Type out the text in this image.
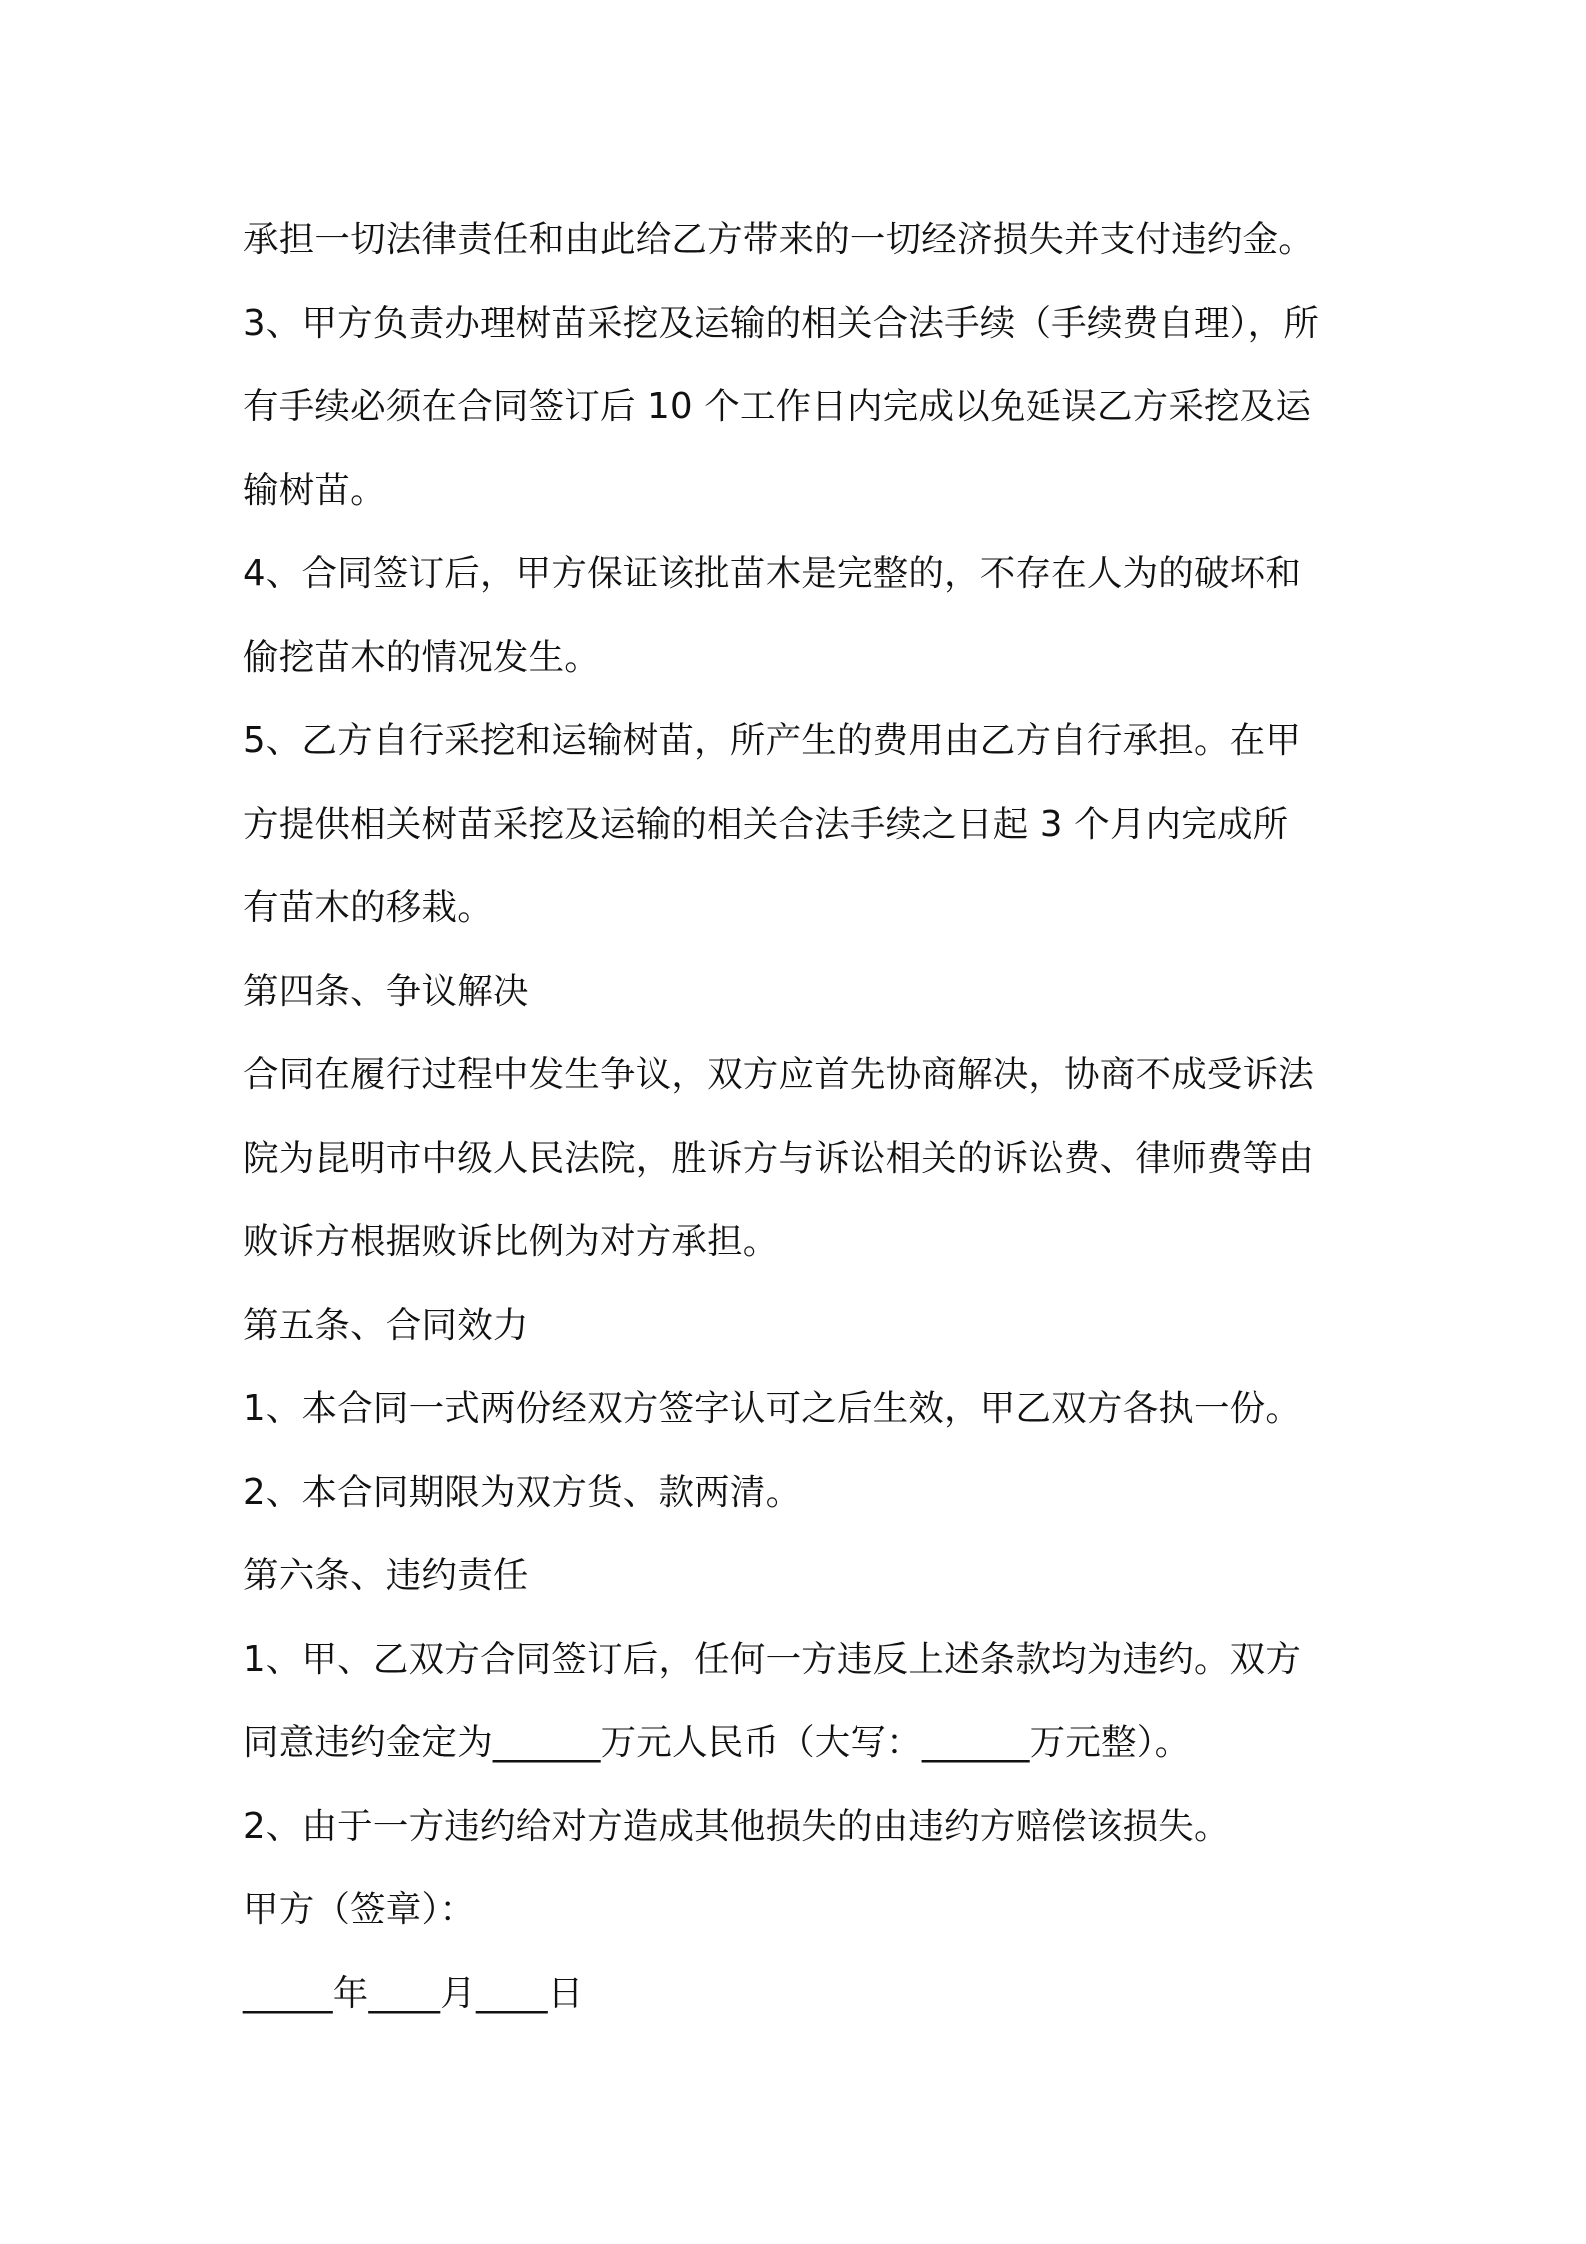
承担一切法律责任和由此给乙方带来的一切经济损失并支付违约金。
3、甲方负责办理树苗采挖及运输的相关合法手续（手续费自理），所
有手续必须在合同签订后 10 个工作日内完成以免延误乙方采挖及运
输树苗。
4、合同签订后，甲方保证该批苗木是完整的，不存在人为的破坏和
偷挖苗木的情况发生。
5、乙方自行采挖和运输树苗，所产生的费用由乙方自行承担。在甲
方提供相关树苗采挖及运输的相关合法手续之日起 3 个月内完成所
有苗木的移栽。
第四条、争议解决
合同在履行过程中发生争议，双方应首先协商解决，协商不成受诉法
院为昆明市中级人民法院，胜诉方与诉讼相关的诉讼费、律师费等由
败诉方根据败诉比例为对方承担。
第五条、合同效力
1、本合同一式两份经双方签字认可之后生效，甲乙双方各执一份。
2、本合同期限为双方货、款两清。
第六条、违约责任
1、甲、乙双方合同签订后，任何一方违反上述条款均为违约。双方
同意违约金定为______万元人民币（大写：______万元整）。
2、由于一方违约给对方造成其他损失的由违约方赔偿该损失。
甲方（签章）：
_____年____月____日
